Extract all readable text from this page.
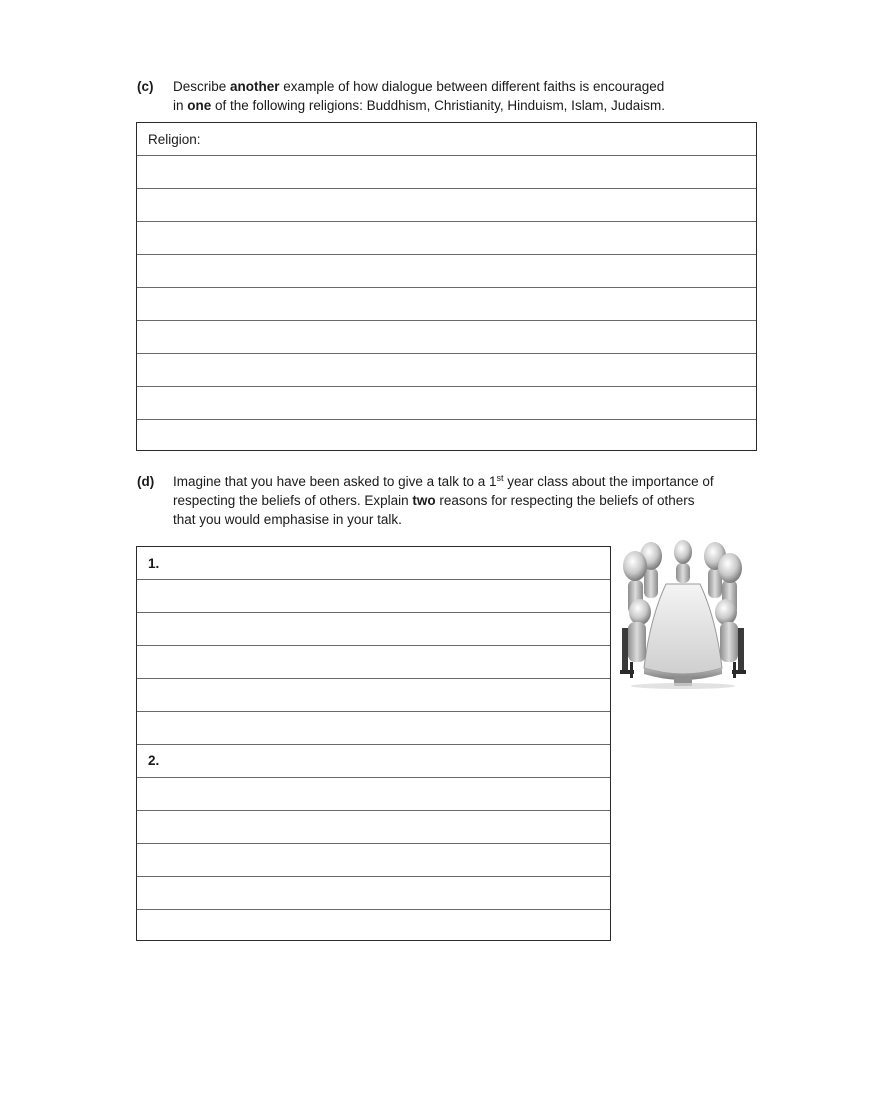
(c) Describe another example of how dialogue between different faiths is encouraged
in one of the following religions: Buddhism, Christianity, Hinduism, Islam, Judaism.
Religion:
(d) Imagine that you have been asked to give a talk to a 1st year class about the importance of
respecting the beliefs of others. Explain two reasons for respecting the beliefs of others
that you would emphasise in your talk.
1.
2.
